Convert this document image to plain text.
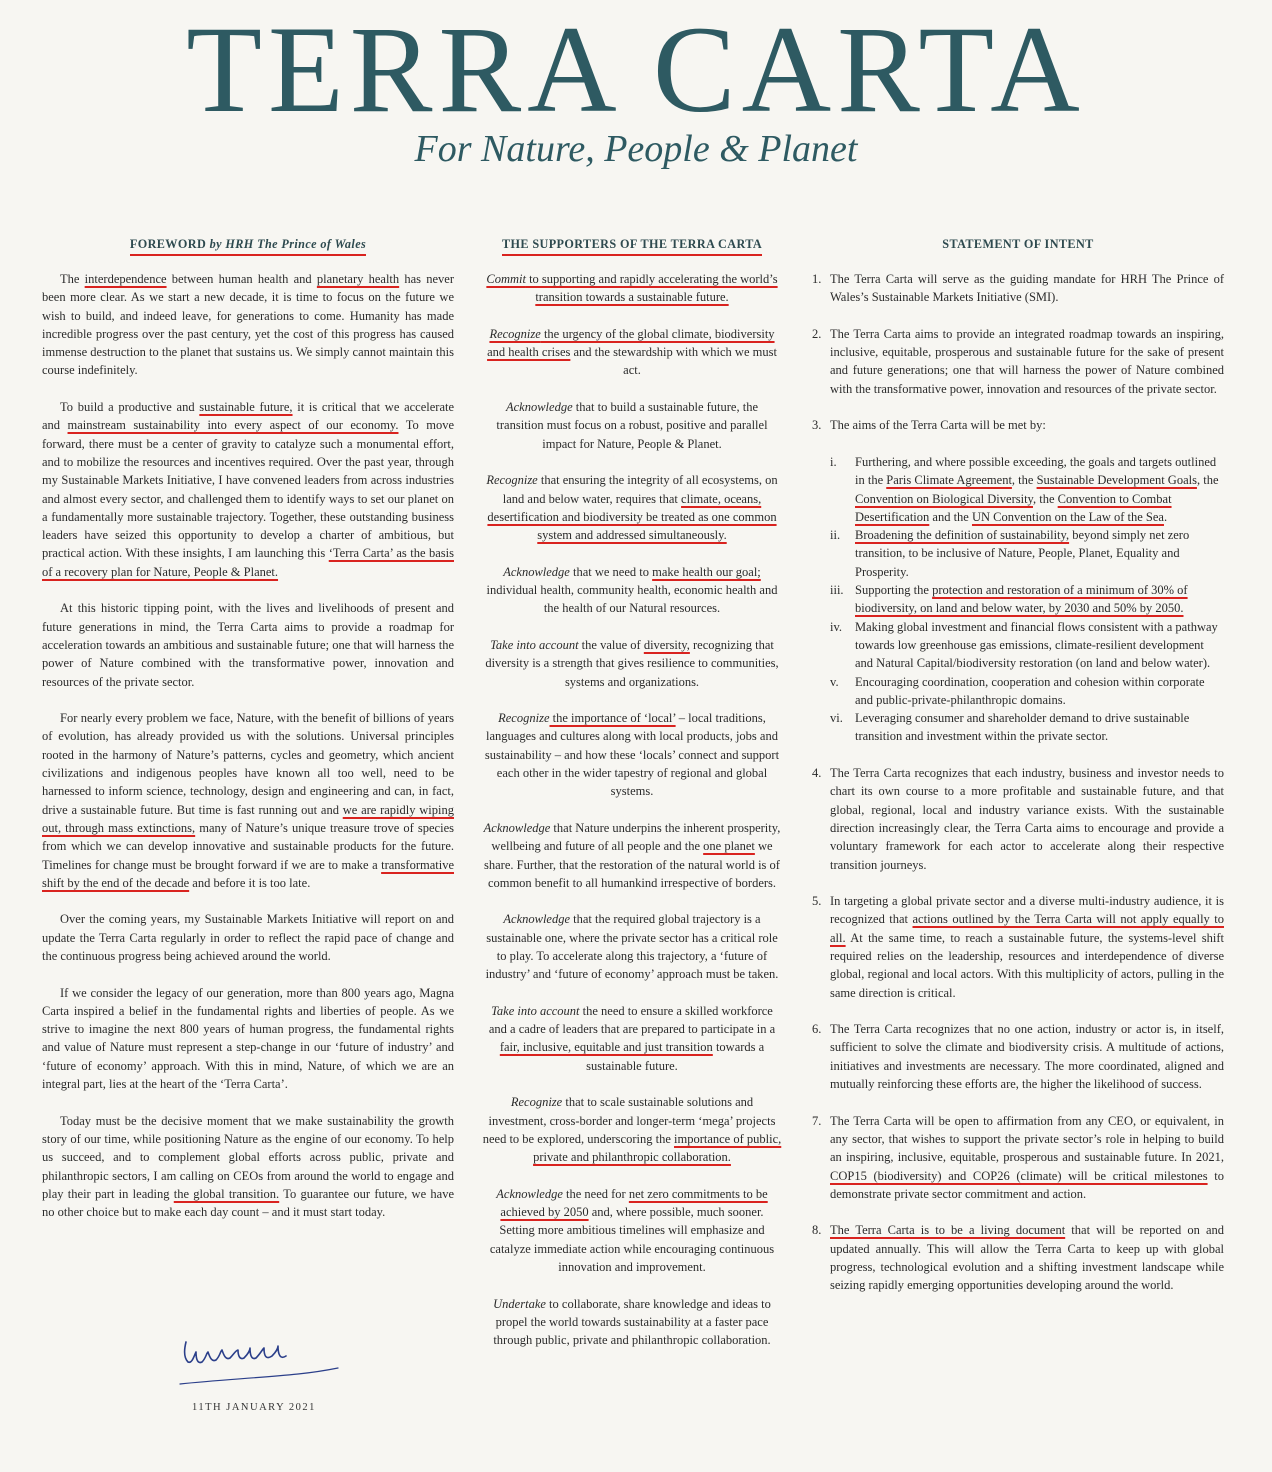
TERRA CARTA
For Nature, People & Planet
FOREWORD by HRH The Prince of Wales

The interdependence between human health and planetary health has never been more clear. As we start a new decade, it is time to focus on the future we wish to build, and indeed leave, for generations to come. Humanity has made incredible progress over the past century, yet the cost of this progress has caused immense destruction to the planet that sustains us. We simply cannot maintain this course indefinitely.

To build a productive and sustainable future, it is critical that we accelerate and mainstream sustainability into every aspect of our economy. To move forward, there must be a center of gravity to catalyze such a monumental effort, and to mobilize the resources and incentives required. Over the past year, through my Sustainable Markets Initiative, I have convened leaders from across industries and almost every sector, and challenged them to identify ways to set our planet on a fundamentally more sustainable trajectory. Together, these outstanding business leaders have seized this opportunity to develop a charter of ambitious, but practical action. With these insights, I am launching this ‘Terra Carta’ as the basis of a recovery plan for Nature, People & Planet.

At this historic tipping point, with the lives and livelihoods of present and future generations in mind, the Terra Carta aims to provide a roadmap for acceleration towards an ambitious and sustainable future; one that will harness the power of Nature combined with the transformative power, innovation and resources of the private sector.

For nearly every problem we face, Nature, with the benefit of billions of years of evolution, has already provided us with the solutions. Universal principles rooted in the harmony of Nature’s patterns, cycles and geometry, which ancient civilizations and indigenous peoples have known all too well, need to be harnessed to inform science, technology, design and engineering and can, in fact, drive a sustainable future. But time is fast running out and we are rapidly wiping out, through mass extinctions, many of Nature’s unique treasure trove of species from which we can develop innovative and sustainable products for the future. Timelines for change must be brought forward if we are to make a transformative shift by the end of the decade and before it is too late.

Over the coming years, my Sustainable Markets Initiative will report on and update the Terra Carta regularly in order to reflect the rapid pace of change and the continuous progress being achieved around the world.

If we consider the legacy of our generation, more than 800 years ago, Magna Carta inspired a belief in the fundamental rights and liberties of people. As we strive to imagine the next 800 years of human progress, the fundamental rights and value of Nature must represent a step-change in our ‘future of industry’ and ‘future of economy’ approach. With this in mind, Nature, of which we are an integral part, lies at the heart of the ‘Terra Carta’.

Today must be the decisive moment that we make sustainability the growth story of our time, while positioning Nature as the engine of our economy. To help us succeed, and to complement global efforts across public, private and philanthropic sectors, I am calling on CEOs from around the world to engage and play their part in leading the global transition. To guarantee our future, we have no other choice but to make each day count – and it must start today.

11TH JANUARY 2021
THE SUPPORTERS OF THE TERRA CARTA

Commit to supporting and rapidly accelerating the world’s transition towards a sustainable future.

Recognize the urgency of the global climate, biodiversity and health crises and the stewardship with which we must act.

Acknowledge that to build a sustainable future, the transition must focus on a robust, positive and parallel impact for Nature, People & Planet.

Recognize that ensuring the integrity of all ecosystems, on land and below water, requires that climate, oceans, desertification and biodiversity be treated as one common system and addressed simultaneously.

Acknowledge that we need to make health our goal; individual health, community health, economic health and the health of our Natural resources.

Take into account the value of diversity, recognizing that diversity is a strength that gives resilience to communities, systems and organizations.

Recognize the importance of ‘local’ – local traditions, languages and cultures along with local products, jobs and sustainability – and how these ‘locals’ connect and support each other in the wider tapestry of regional and global systems.

Acknowledge that Nature underpins the inherent prosperity, wellbeing and future of all people and the one planet we share. Further, that the restoration of the natural world is of common benefit to all humankind irrespective of borders.

Acknowledge that the required global trajectory is a sustainable one, where the private sector has a critical role to play. To accelerate along this trajectory, a ‘future of industry’ and ‘future of economy’ approach must be taken.

Take into account the need to ensure a skilled workforce and a cadre of leaders that are prepared to participate in a fair, inclusive, equitable and just transition towards a sustainable future.

Recognize that to scale sustainable solutions and investment, cross-border and longer-term ‘mega’ projects need to be explored, underscoring the importance of public, private and philanthropic collaboration.

Acknowledge the need for net zero commitments to be achieved by 2050 and, where possible, much sooner. Setting more ambitious timelines will emphasize and catalyze immediate action while encouraging continuous innovation and improvement.

Undertake to collaborate, share knowledge and ideas to propel the world towards sustainability at a faster pace through public, private and philanthropic collaboration.

STATEMENT OF INTENT
1. The Terra Carta will serve as the guiding mandate for HRH The Prince of Wales’s Sustainable Markets Initiative (SMI).
2. The Terra Carta aims to provide an integrated roadmap towards an inspiring, inclusive, equitable, prosperous and sustainable future for the sake of present and future generations; one that will harness the power of Nature combined with the transformative power, innovation and resources of the private sector.
3. The aims of the Terra Carta will be met by:
i.	Furthering, and where possible exceeding, the goals and targets outlined in the Paris Climate Agreement, the Sustainable Development Goals, the Convention on Biological Diversity, the Convention to Combat Desertification and the UN Convention on the Law of the Sea.
ii.	Broadening the definition of sustainability, beyond simply net zero transition, to be inclusive of Nature, People, Planet, Equality and Prosperity.
iii. Supporting the protection and restoration of a minimum of 30% of biodiversity, on land and below water, by 2030 and 50% by 2050.
iv.	Making global investment and financial flows consistent with a pathway towards low greenhouse gas emissions, climate-resilient development and Natural Capital/biodiversity restoration (on land and below water).
v.	Encouraging coordination, cooperation and cohesion within corporate and public-private-philanthropic domains.
vi. Leveraging consumer and shareholder demand to drive sustainable transition and investment within the private sector.
4. The Terra Carta recognizes that each industry, business and investor needs to chart its own course to a more profitable and sustainable future, and that global, regional, local and industry variance exists. With the sustainable direction increasingly clear, the Terra Carta aims to encourage and provide a voluntary framework for each actor to accelerate along their respective transition journeys.
5. In targeting a global private sector and a diverse multi-industry audience, it is recognized that actions outlined by the Terra Carta will not apply equally to all. At the same time, to reach a sustainable future, the systems-level shift required relies on the leadership, resources and interdependence of diverse global, regional and local actors. With this multiplicity of actors, pulling in the same direction is critical.
6. The Terra Carta recognizes that no one action, industry or actor is, in itself, sufficient to solve the climate and biodiversity crisis. A multitude of actions, initiatives and investments are necessary. The more coordinated, aligned and mutually reinforcing these efforts are, the higher the likelihood of success.
7. The Terra Carta will be open to affirmation from any CEO, or equivalent, in any sector, that wishes to support the private sector’s role in helping to build an inspiring, inclusive, equitable, prosperous and sustainable future. In 2021, COP15 (biodiversity) and COP26 (climate) will be critical milestones to demonstrate private sector commitment and action.
8. The Terra Carta is to be a living document that will be reported on and updated annually. This will allow the Terra Carta to keep up with global progress, technological evolution and a shifting investment landscape while seizing rapidly emerging opportunities developing around the world.
